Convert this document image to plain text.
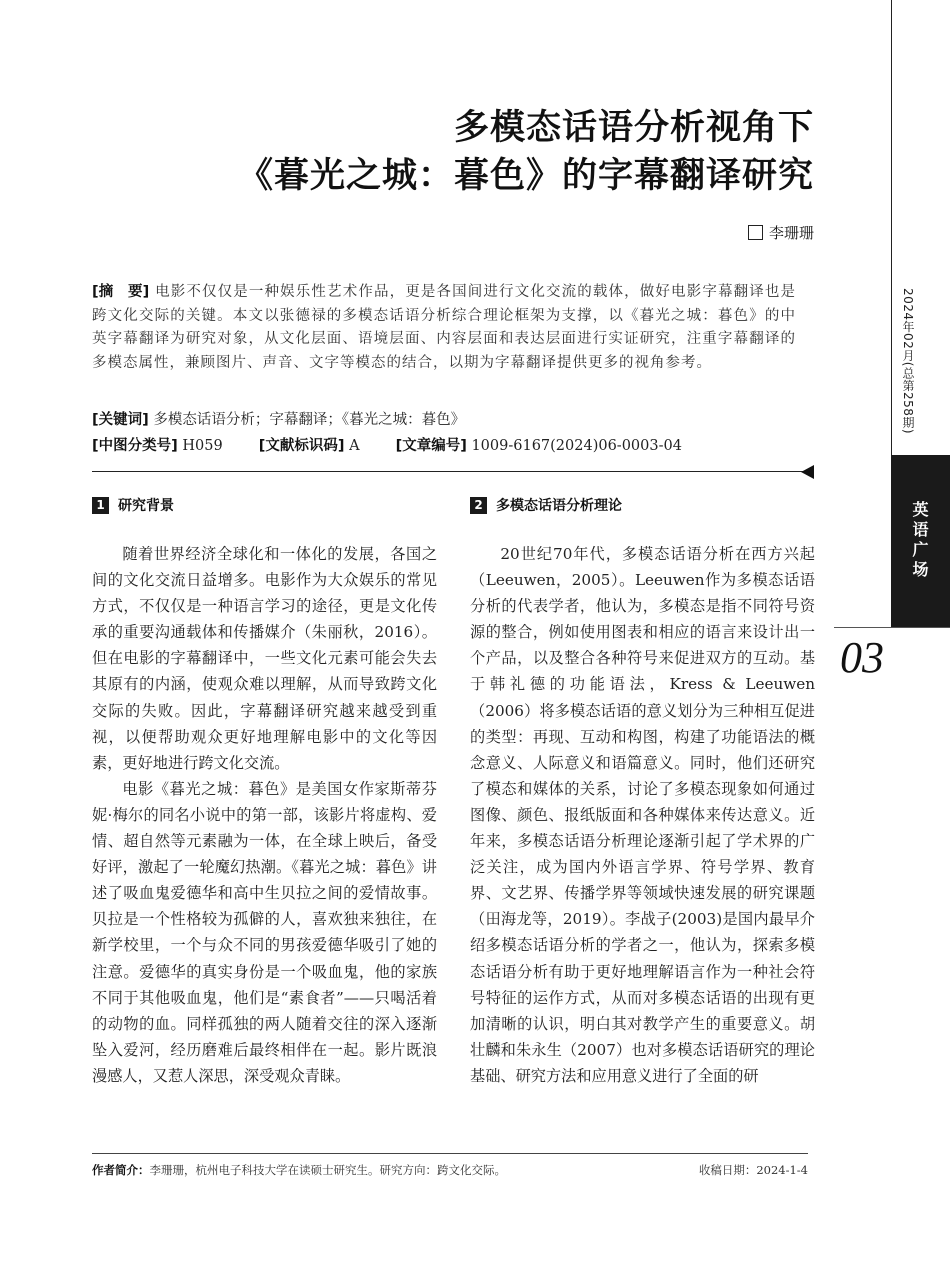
多模态话语分析视角下
《暮光之城：暮色》的字幕翻译研究
李珊珊
[摘　要] 电影不仅仅是一种娱乐性艺术作品，更是各国间进行文化交流的载体，做好电影字幕翻译也是跨文化交际的关键。本文以张德禄的多模态话语分析综合理论框架为支撑，以《暮光之城：暮色》的中英字幕翻译为研究对象，从文化层面、语境层面、内容层面和表达层面进行实证研究，注重字幕翻译的多模态属性，兼顾图片、声音、文字等模态的结合，以期为字幕翻译提供更多的视角参考。
[关键词] 多模态话语分析；字幕翻译；《暮光之城：暮色》
[中图分类号] H059 [文献标识码] A [文章编号] 1009-6167(2024)06-0003-04
1 研究背景	2 多模态话语分析理论

随着世界经济全球化和一体化的发展，各国之间的文化交流日益增多。电影作为大众娱乐的常见方式，不仅仅是一种语言学习的途径，更是文化传承的重要沟通载体和传播媒介（朱丽秋，2016）。但在电影的字幕翻译中，一些文化元素可能会失去其原有的内涵，使观众难以理解，从而导致跨文化交际的失败。因此，字幕翻译研究越来越受到重视，以便帮助观众更好地理解电影中的文化等因素，更好地进行跨文化交流。

电影《暮光之城：暮色》是美国女作家斯蒂芬妮·梅尔的同名小说中的第一部，该影片将虚构、爱情、超自然等元素融为一体，在全球上映后，备受好评，激起了一轮魔幻热潮。《暮光之城：暮色》讲述了吸血鬼爱德华和高中生贝拉之间的爱情故事。贝拉是一个性格较为孤僻的人，喜欢独来独往，在新学校里，一个与众不同的男孩爱德华吸引了她的注意。爱德华的真实身份是一个吸血鬼，他的家族不同于其他吸血鬼，他们是“素食者”——只喝活着的动物的血。同样孤独的两人随着交往的深入逐渐坠入爱河，经历磨难后最终相伴在一起。影片既浪漫感人，又惹人深思，深受观众青睐。

20世纪70年代，多模态话语分析在西方兴起（Leeuwen，2005）。Leeuwen作为多模态话语分析的代表学者，他认为，多模态是指不同符号资源的整合，例如使用图表和相应的语言来设计出一个产品，以及整合各种符号来促进双方的互动。基于韩礼德的功能语法，Kress & Leeuwen（2006）将多模态话语的意义划分为三种相互促进的类型：再现、互动和构图，构建了功能语法的概念意义、人际意义和语篇意义。同时，他们还研究了模态和媒体的关系，讨论了多模态现象如何通过图像、颜色、报纸版面和各种媒体来传达意义。近年来，多模态话语分析理论逐渐引起了学术界的广泛关注，成为国内外语言学界、符号学界、教育界、文艺界、传播学界等领域快速发展的研究课题（田海龙等，2019）。李战子(2003)是国内最早介绍多模态话语分析的学者之一，他认为，探索多模态话语分析有助于更好地理解语言作为一种社会符号特征的运作方式，从而对多模态话语的出现有更加清晰的认识，明白其对教学产生的重要意义。胡壮麟和朱永生（2007）也对多模态话语研究的理论基础、研究方法和应用意义进行了全面的研

作者简介：李珊珊，杭州电子科技大学在读硕士研究生。研究方向：跨文化交际。	收稿日期：2024-1-4
2024年02月(总第258期)
英
语
广
场
03
